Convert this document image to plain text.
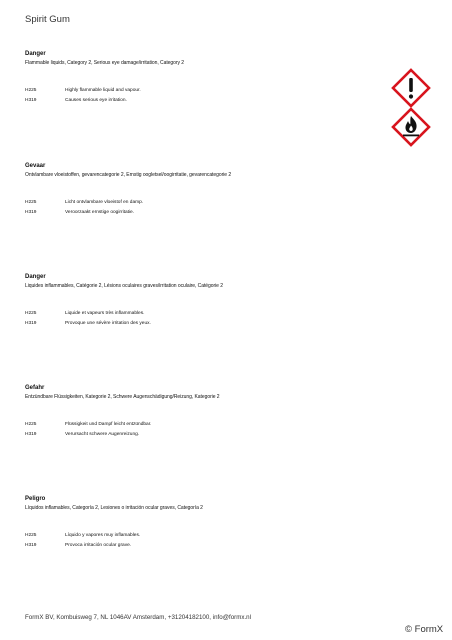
Spirit Gum
Danger
Flammable liquids, Category 2, Serious eye damage/irritation, Category 2
H225	Highly flammable liquid and vapour.
H319	Causes serious eye irritation.
Gevaar
Ontvlambare vloeistoffen, gevarencategorie 2, Ernstig oogletsel/oogirritatie, gevarencategorie 2
H225	Licht ontvlambare vloeistof en damp.
H319	Veroorzaakt ernstige oogirritatie.
Danger
Liquides inflammables, Catégorie 2, Lésions oculaires graves/irritation oculaire, Catégorie 2
H225	Liquide et vapeurs très inflammables.
H319	Provoque une sévère irritation des yeux.
Gefahr
Entzündbare Flüssigkeiten, Kategorie 2, Schwere Augenschädigung/Reizung, Kategorie 2
H225	Flüssigkeit und Dampf leicht entzündbar.
H319	Verursacht schwere Augenreizung.
Peligro
Líquidos inflamables, Categoría 2, Lesiones o irritación ocular graves, Categoría 2
H225	Líquido y vapores muy inflamables.
H319	Provoca irritación ocular grave.
FormX BV, Kombuisweg 7, NL 1046AV Amsterdam, +31204182100, info@formx.nl
© FormX
